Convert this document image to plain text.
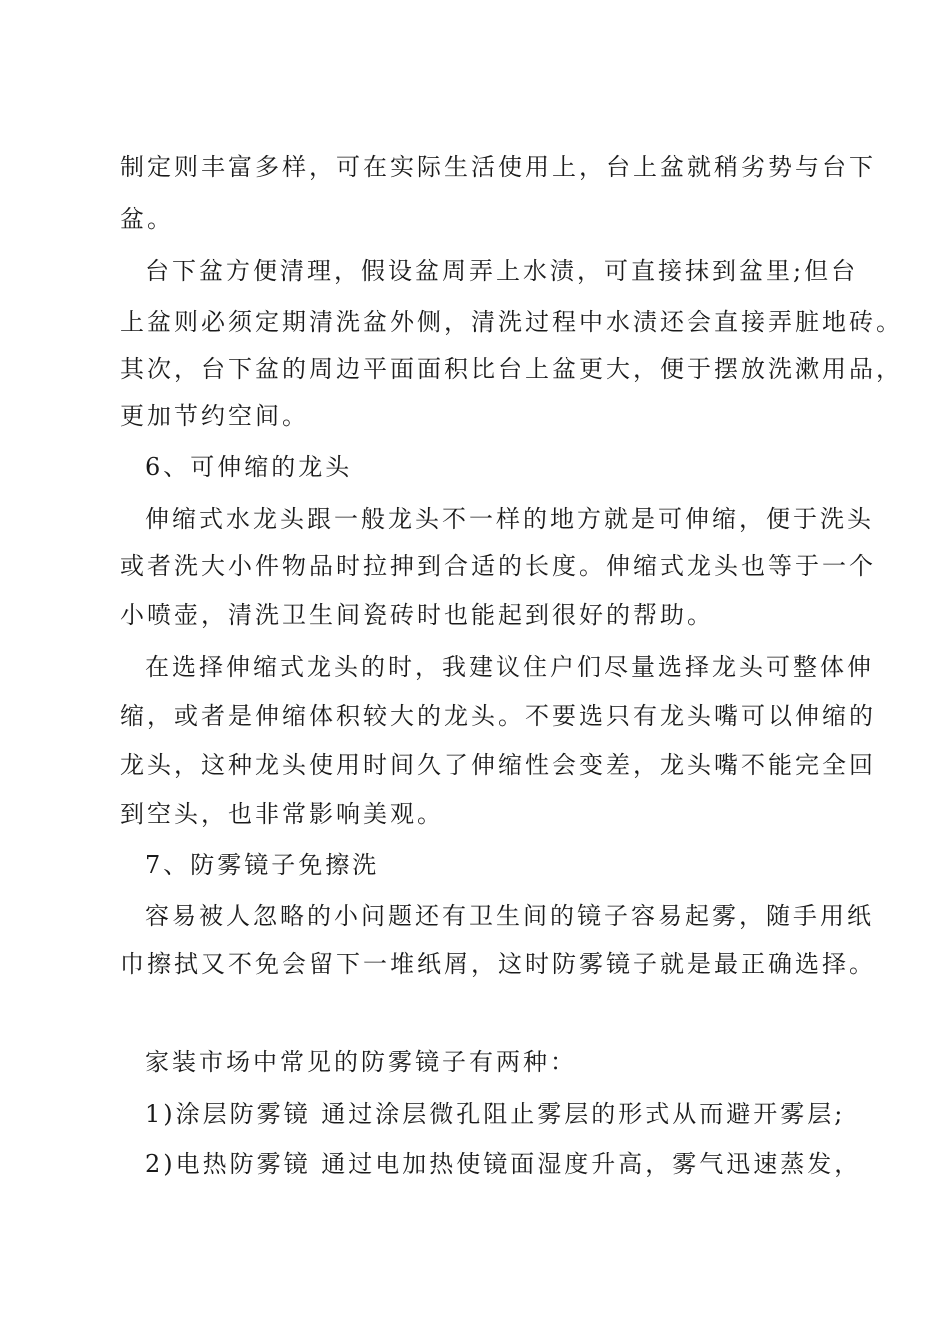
制定则丰富多样，可在实际生活使用上，台上盆就稍劣势与台下
盆。
台下盆方便清理，假设盆周弄上水渍，可直接抹到盆里;但台
上盆则必须定期清洗盆外侧，清洗过程中水渍还会直接弄脏地砖。
其次，台下盆的周边平面面积比台上盆更大，便于摆放洗漱用品，
更加节约空间。
6、可伸缩的龙头
伸缩式水龙头跟一般龙头不一样的地方就是可伸缩，便于洗头
或者洗大小件物品时拉抻到合适的长度。伸缩式龙头也等于一个
小喷壶，清洗卫生间瓷砖时也能起到很好的帮助。
在选择伸缩式龙头的时，我建议住户们尽量选择龙头可整体伸
缩，或者是伸缩体积较大的龙头。不要选只有龙头嘴可以伸缩的
龙头，这种龙头使用时间久了伸缩性会变差，龙头嘴不能完全回
到空头，也非常影响美观。
7、防雾镜子免擦洗
容易被人忽略的小问题还有卫生间的镜子容易起雾，随手用纸
巾擦拭又不免会留下一堆纸屑，这时防雾镜子就是最正确选择。
家装市场中常见的防雾镜子有两种：
1)涂层防雾镜 通过涂层微孔阻止雾层的形式从而避开雾层;
2)电热防雾镜 通过电加热使镜面湿度升高，雾气迅速蒸发，
